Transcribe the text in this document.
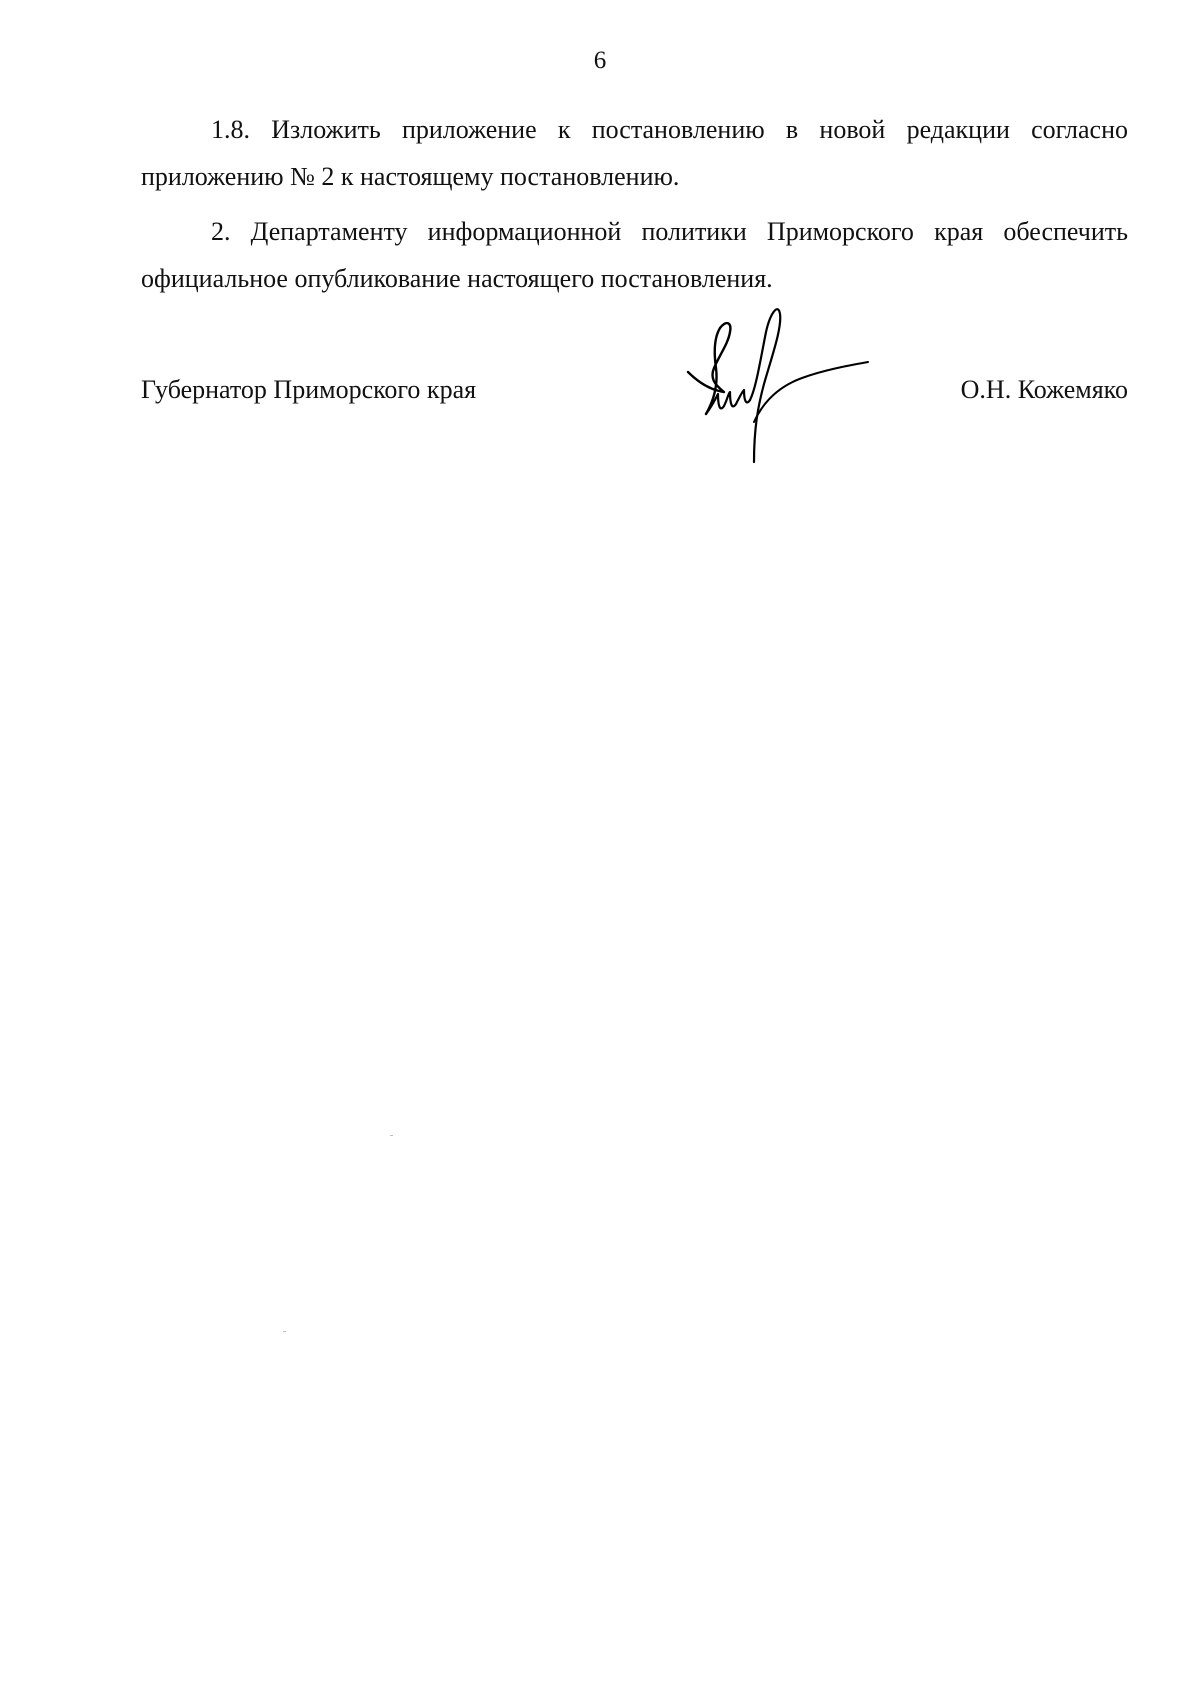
6

1.8. Изложить приложение к постановлению в новой редакции согласно приложению № 2 к настоящему постановлению.

2. Департаменту информационной политики Приморского края обеспечить официальное опубликование настоящего постановления.

Губернатор Приморского края	О.Н. Кожемяко
